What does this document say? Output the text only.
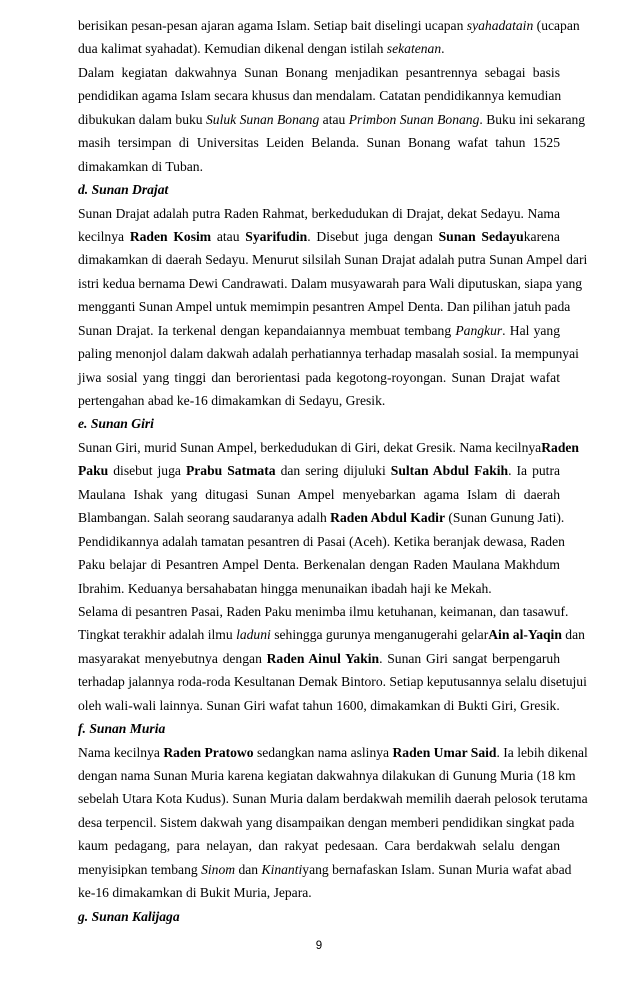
berisikan pesan-pesan ajaran agama Islam. Setiap bait diselingi ucapan syahadatain (ucapan
dua kalimat syahadat). Kemudian dikenal dengan istilah sekatenan.
Dalam kegiatan dakwahnya Sunan Bonang menjadikan pesantrennya sebagai basis
pendidikan agama Islam secara khusus dan mendalam. Catatan pendidikannya kemudian
dibukukan dalam buku Suluk Sunan Bonang atau Primbon Sunan Bonang. Buku ini sekarang
masih tersimpan di Universitas Leiden Belanda. Sunan Bonang wafat tahun 1525
dimakamkan di Tuban.
d. Sunan Drajat
Sunan Drajat adalah putra Raden Rahmat, berkedudukan di Drajat, dekat Sedayu. Nama
kecilnya Raden Kosim atau Syarifudin. Disebut juga dengan Sunan Sedayukarena
dimakamkan di daerah Sedayu. Menurut silsilah Sunan Drajat adalah putra Sunan Ampel dari
istri kedua bernama Dewi Candrawati. Dalam musyawarah para Wali diputuskan, siapa yang
mengganti Sunan Ampel untuk memimpin pesantren Ampel Denta. Dan pilihan jatuh pada
Sunan Drajat. Ia terkenal dengan kepandaiannya membuat tembang Pangkur. Hal yang
paling menonjol dalam dakwah adalah perhatiannya terhadap masalah sosial. Ia mempunyai
jiwa sosial yang tinggi dan berorientasi pada kegotong-royongan. Sunan Drajat wafat
pertengahan abad ke-16 dimakamkan di Sedayu, Gresik.
e. Sunan Giri
Sunan Giri, murid Sunan Ampel, berkedudukan di Giri, dekat Gresik. Nama kecilnyaRaden
Paku disebut juga Prabu Satmata dan sering dijuluki Sultan Abdul Fakih. Ia putra
Maulana Ishak yang ditugasi Sunan Ampel menyebarkan agama Islam di daerah
Blambangan. Salah seorang saudaranya adalh Raden Abdul Kadir (Sunan Gunung Jati).
Pendidikannya adalah tamatan pesantren di Pasai (Aceh). Ketika beranjak dewasa, Raden
Paku belajar di Pesantren Ampel Denta. Berkenalan dengan Raden Maulana Makhdum
Ibrahim. Keduanya bersahabatan hingga menunaikan ibadah haji ke Mekah.
Selama di pesantren Pasai, Raden Paku menimba ilmu ketuhanan, keimanan, dan tasawuf.
Tingkat terakhir adalah ilmu laduni sehingga gurunya menganugerahi gelarAin al-Yaqin dan
masyarakat menyebutnya dengan Raden Ainul Yakin. Sunan Giri sangat berpengaruh
terhadap jalannya roda-roda Kesultanan Demak Bintoro. Setiap keputusannya selalu disetujui
oleh wali-wali lainnya. Sunan Giri wafat tahun 1600, dimakamkan di Bukti Giri, Gresik.
f. Sunan Muria
Nama kecilnya Raden Pratowo sedangkan nama aslinya Raden Umar Said. Ia lebih dikenal
dengan nama Sunan Muria karena kegiatan dakwahnya dilakukan di Gunung Muria (18 km
sebelah Utara Kota Kudus). Sunan Muria dalam berdakwah memilih daerah pelosok terutama
desa terpencil. Sistem dakwah yang disampaikan dengan memberi pendidikan singkat pada
kaum pedagang, para nelayan, dan rakyat pedesaan. Cara berdakwah selalu dengan
menyisipkan tembang Sinom dan Kinantiyang bernafaskan Islam. Sunan Muria wafat abad
ke-16 dimakamkan di Bukit Muria, Jepara.
g. Sunan Kalijaga
9
